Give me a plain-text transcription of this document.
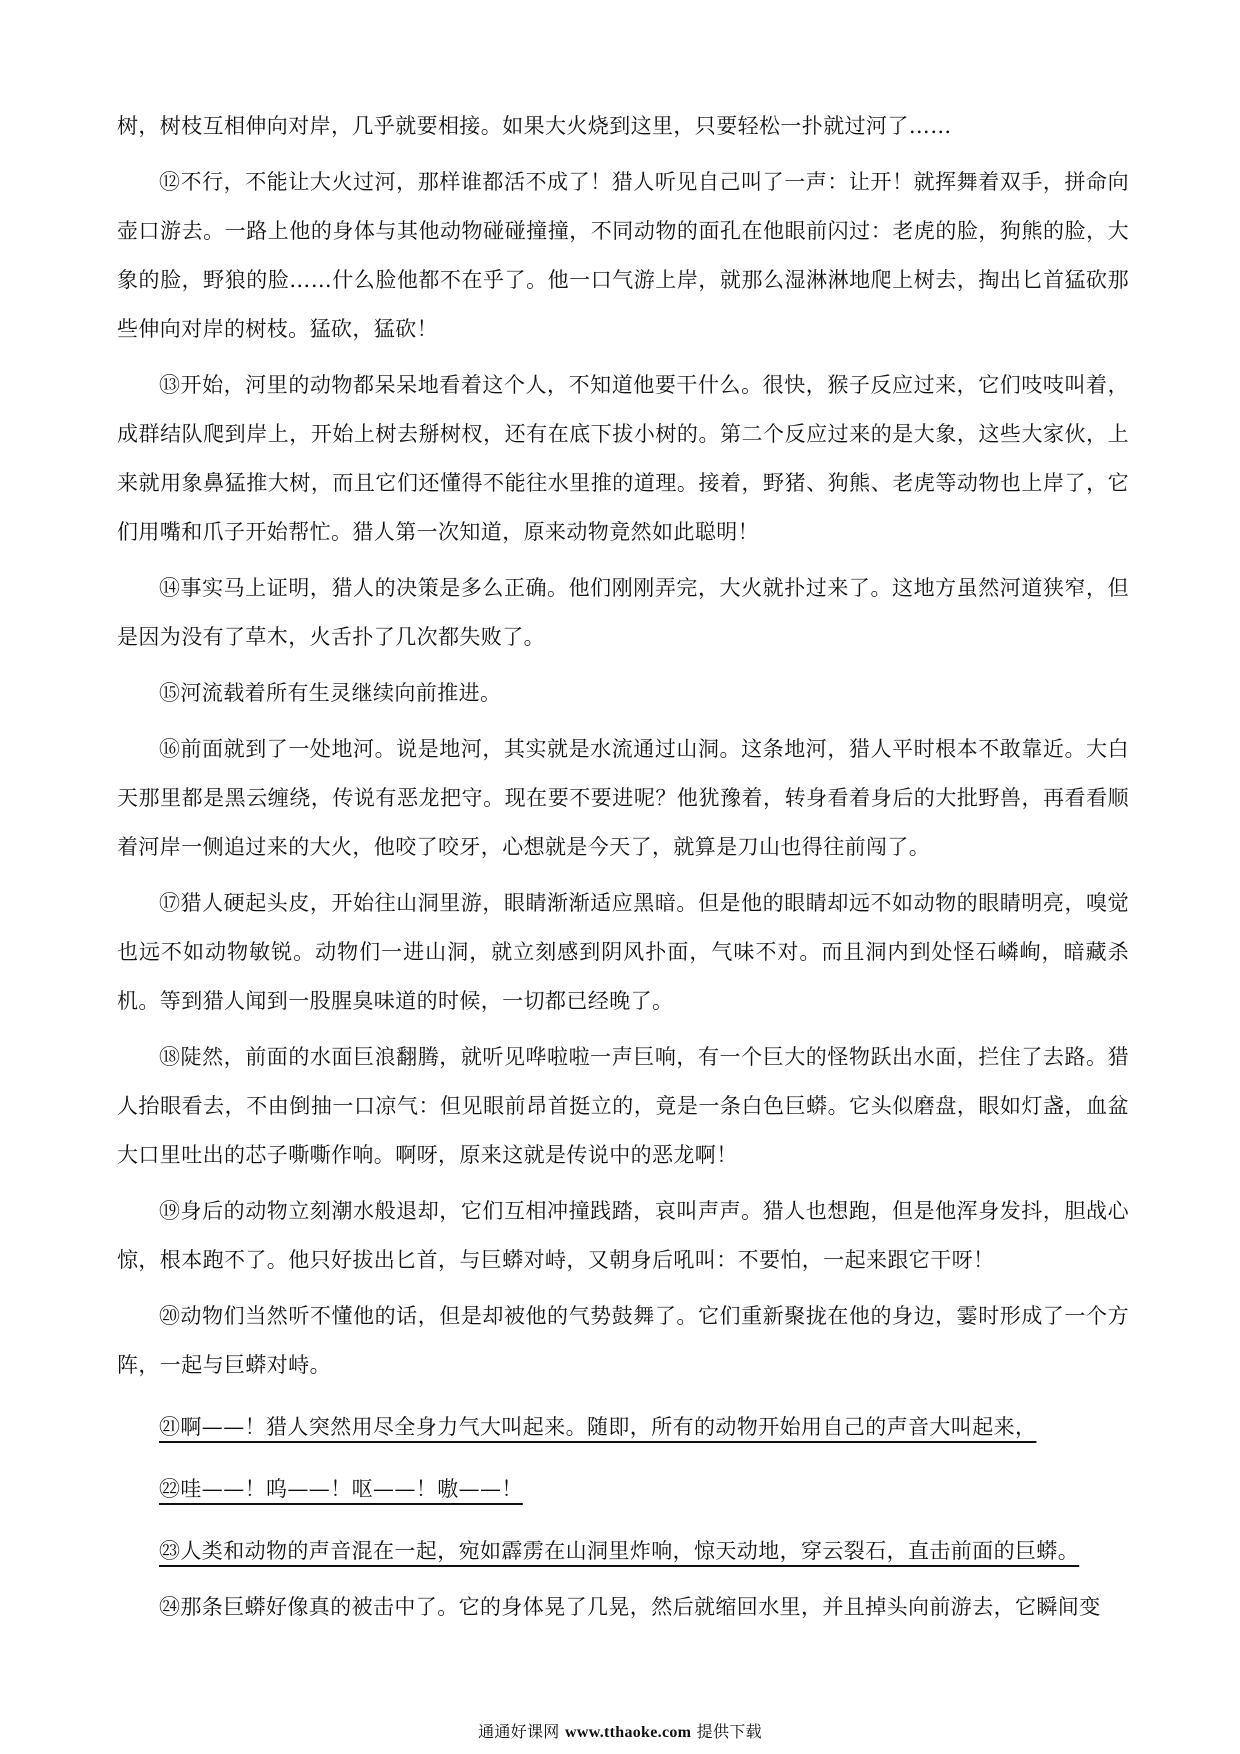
树，树枝互相伸向对岸，几乎就要相接。如果大火烧到这里，只要轻松一扑就过河了……

⑫不行，不能让大火过河，那样谁都活不成了！猎人听见自己叫了一声：让开！就挥舞着双手，拼命向壶口游去。一路上他的身体与其他动物碰碰撞撞，不同动物的面孔在他眼前闪过：老虎的脸，狗熊的脸，大象的脸，野狼的脸……什么脸他都不在乎了。他一口气游上岸，就那么湿淋淋地爬上树去，掏出匕首猛砍那些伸向对岸的树枝。猛砍，猛砍！

⑬开始，河里的动物都呆呆地看着这个人，不知道他要干什么。很快，猴子反应过来，它们吱吱叫着，成群结队爬到岸上，开始上树去掰树杈，还有在底下拔小树的。第二个反应过来的是大象，这些大家伙，上来就用象鼻猛推大树，而且它们还懂得不能往水里推的道理。接着，野猪、狗熊、老虎等动物也上岸了，它们用嘴和爪子开始帮忙。猎人第一次知道，原来动物竟然如此聪明！

⑭事实马上证明，猎人的决策是多么正确。他们刚刚弄完，大火就扑过来了。这地方虽然河道狭窄，但是因为没有了草木，火舌扑了几次都失败了。

⑮河流载着所有生灵继续向前推进。

⑯前面就到了一处地河。说是地河，其实就是水流通过山洞。这条地河，猎人平时根本不敢靠近。大白天那里都是黑云缠绕，传说有恶龙把守。现在要不要进呢？他犹豫着，转身看着身后的大批野兽，再看看顺着河岸一侧追过来的大火，他咬了咬牙，心想就是今天了，就算是刀山也得往前闯了。

⑰猎人硬起头皮，开始往山洞里游，眼睛渐渐适应黑暗。但是他的眼睛却远不如动物的眼睛明亮，嗅觉也远不如动物敏锐。动物们一进山洞，就立刻感到阴风扑面，气味不对。而且洞内到处怪石嶙峋，暗藏杀机。等到猎人闻到一股腥臭味道的时候，一切都已经晚了。

⑱陡然，前面的水面巨浪翻腾，就听见哗啦啦一声巨响，有一个巨大的怪物跃出水面，拦住了去路。猎人抬眼看去，不由倒抽一口凉气：但见眼前昂首挺立的，竟是一条白色巨蟒。它头似磨盘，眼如灯盏，血盆大口里吐出的芯子嘶嘶作响。啊呀，原来这就是传说中的恶龙啊！

⑲身后的动物立刻潮水般退却，它们互相冲撞践踏，哀叫声声。猎人也想跑，但是他浑身发抖，胆战心惊，根本跑不了。他只好拔出匕首，与巨蟒对峙，又朝身后吼叫：不要怕，一起来跟它干呀！

⑳动物们当然听不懂他的话，但是却被他的气势鼓舞了。它们重新聚拢在他的身边，霎时形成了一个方阵，一起与巨蟒对峙。

㉑啊——！猎人突然用尽全身力气大叫起来。随即，所有的动物开始用自己的声音大叫起来，

㉒哇——！呜——！呕——！嗷——！

㉓人类和动物的声音混在一起，宛如霹雳在山洞里炸响，惊天动地，穿云裂石，直击前面的巨蟒。

㉔那条巨蟒好像真的被击中了。它的身体晃了几晃，然后就缩回水里，并且掉头向前游去，它瞬间变

通通好课网 www.tthaoke.com 提供下载
